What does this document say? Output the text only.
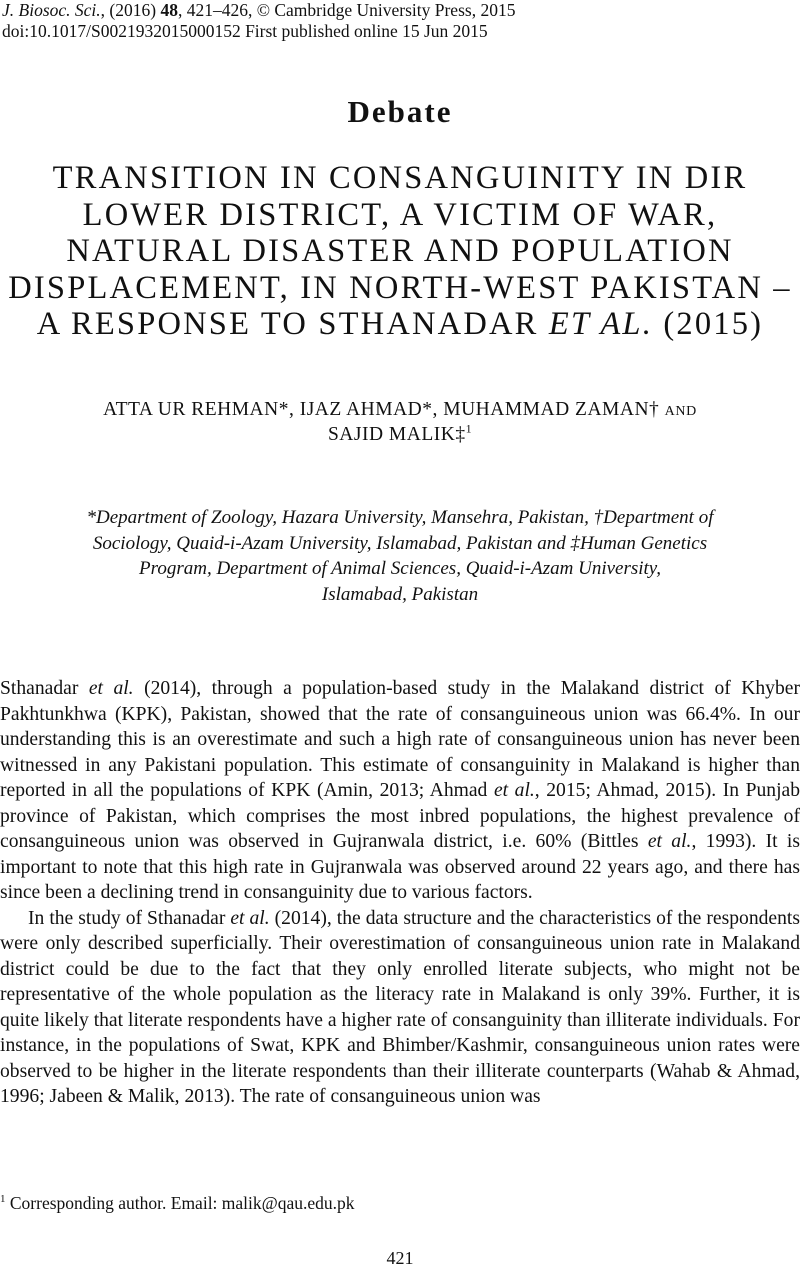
J. Biosoc. Sci., (2016) 48, 421–426, © Cambridge University Press, 2015
doi:10.1017/S0021932015000152 First published online 15 Jun 2015
Debate
TRANSITION IN CONSANGUINITY IN DIR
LOWER DISTRICT, A VICTIM OF WAR,
NATURAL DISASTER AND POPULATION
DISPLACEMENT, IN NORTH-WEST PAKISTAN –
A RESPONSE TO STHANADAR ET AL. (2015)
ATTA UR REHMAN*, IJAZ AHMAD*, MUHAMMAD ZAMAN† AND
SAJID MALIK‡$^1$
*Department of Zoology, Hazara University, Mansehra, Pakistan, †Department of
Sociology, Quaid-i-Azam University, Islamabad, Pakistan and ‡Human Genetics
Program, Department of Animal Sciences, Quaid-i-Azam University,
Islamabad, Pakistan

Sthanadar et al. (2014), through a population-based study in the Malakand district of Khyber Pakhtunkhwa (KPK), Pakistan, showed that the rate of consanguineous union was 66.4%. In our understanding this is an overestimate and such a high rate of consanguineous union has never been witnessed in any Pakistani population. This estimate of consanguinity in Malakand is higher than reported in all the populations of KPK (Amin, 2013; Ahmad et al., 2015; Ahmad, 2015). In Punjab province of Pakistan, which comprises the most inbred populations, the highest prevalence of consanguineous union was observed in Gujranwala district, i.e. 60% (Bittles et al., 1993). It is important to note that this high rate in Gujranwala was observed around 22 years ago, and there has since been a declining trend in consanguinity due to various factors.

In the study of Sthanadar et al. (2014), the data structure and the characteristics of the respondents were only described superficially. Their overestimation of consanguineous union rate in Malakand district could be due to the fact that they only enrolled literate subjects, who might not be representative of the whole population as the literacy rate in Malakand is only 39%. Further, it is quite likely that literate respondents have a higher rate of consanguinity than illiterate individuals. For instance, in the populations of Swat, KPK and Bhimber/Kashmir, consanguineous union rates were observed to be higher in the literate respondents than their illiterate counterparts (Wahab & Ahmad, 1996; Jabeen & Malik, 2013). The rate of consanguineous union was

$^1$ Corresponding author. Email: malik@qau.edu.pk
421
